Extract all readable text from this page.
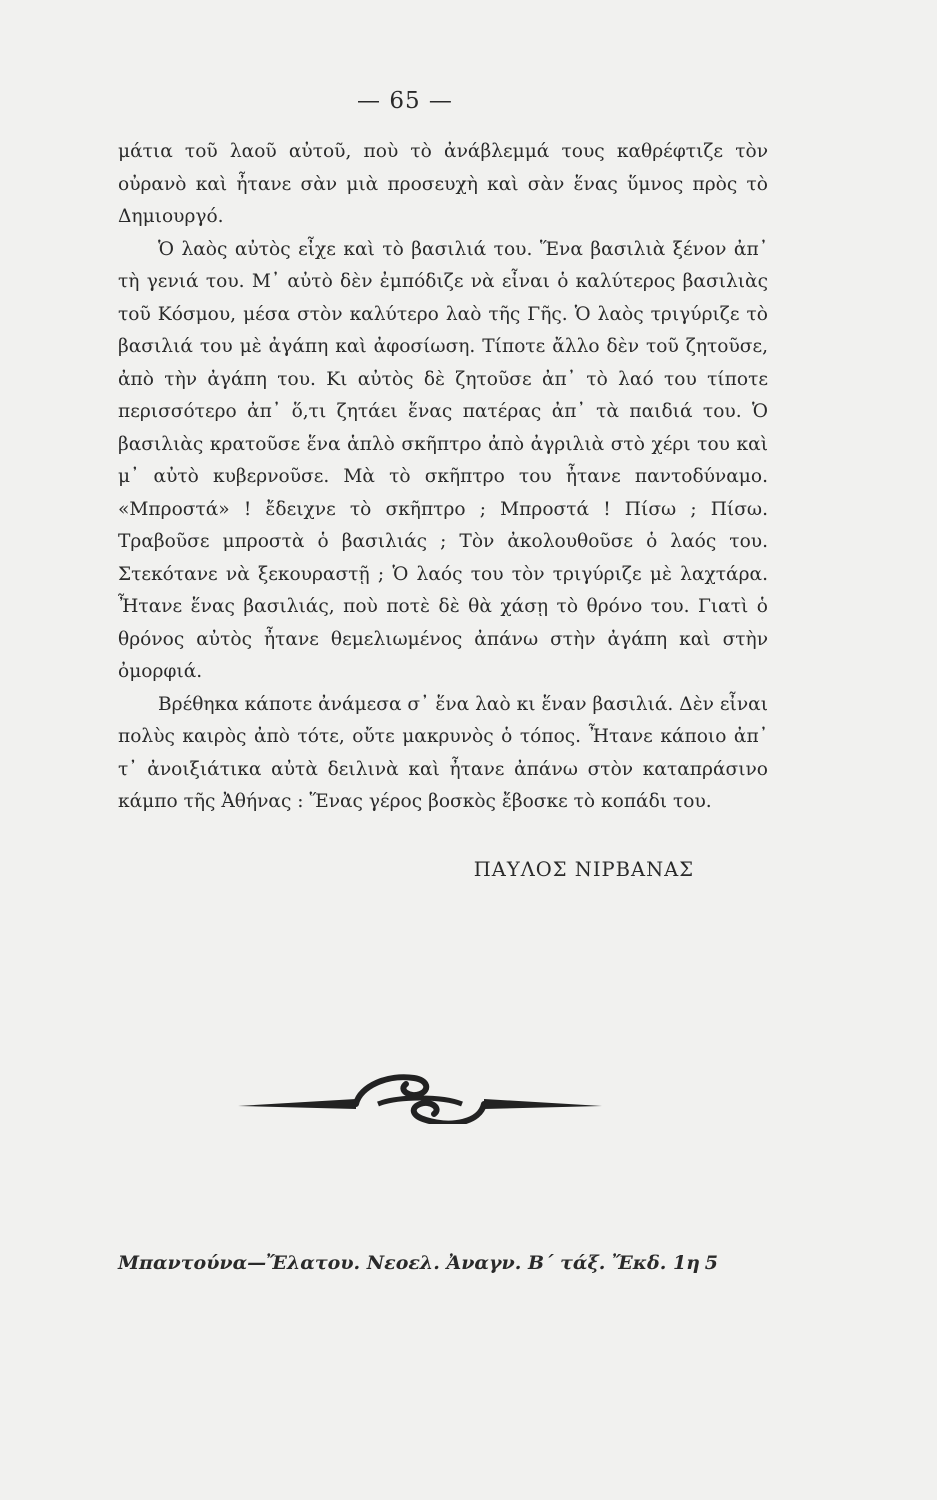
— 65 —

μάτια τοῦ λαοῦ αὐτοῦ, ποὺ τὸ ἀνάβλεμμά τους καθρέφτιζε τὸν οὐρανὸ καὶ ἦτανε σὰν μιὰ προσευχὴ καὶ σὰν ἕνας ὕμνος πρὸς τὸ Δημιουργό.

Ὁ λαὸς αὐτὸς εἶχε καὶ τὸ βασιλιά του. Ἕνα βασιλιὰ ξένον ἀπ᾿ τὴ γενιά του. Μ᾿ αὐτὸ δὲν ἐμπόδιζε νὰ εἶναι ὁ καλύτερος βασιλιὰς τοῦ Κόσμου, μέσα στὸν καλύτερο λαὸ τῆς Γῆς. Ὁ λαὸς τριγύριζε τὸ βασιλιά του μὲ ἀγάπη καὶ ἀφοσίωση. Τίποτε ἄλλο δὲν τοῦ ζητοῦσε, ἀπὸ τὴν ἀγάπη του. Κι αὐτὸς δὲ ζητοῦσε ἀπ᾿ τὸ λαό του τίποτε περισσότερο ἀπ᾿ ὅ,τι ζητάει ἕνας πατέρας ἀπ᾿ τὰ παιδιά του. Ὁ βασιλιὰς κρατοῦσε ἕνα ἁπλὸ σκῆπτρο ἀπὸ ἀγριλιὰ στὸ χέρι του καὶ μ᾿ αὐτὸ κυβερνοῦσε. Μὰ τὸ σκῆπτρο του ἦτανε παντοδύναμο. «Μπροστά» ! ἔδειχνε τὸ σκῆπτρο ; Μπροστά ! Πίσω ; Πίσω. Τραβοῦσε μπροστὰ ὁ βασιλιάς ; Τὸν ἀκολουθοῦσε ὁ λαός του. Στεκότανε νὰ ξεκουραστῇ ; Ὁ λαός του τὸν τριγύριζε μὲ λαχτάρα. Ἦτανε ἕνας βασιλιάς, ποὺ ποτὲ δὲ θὰ χάσῃ τὸ θρόνο του. Γιατὶ ὁ θρόνος αὐτὸς ἦτανε θεμελιωμένος ἀπάνω στὴν ἀγάπη καὶ στὴν ὀμορφιά.

Βρέθηκα κάποτε ἀνάμεσα σ᾿ ἕνα λαὸ κι ἕναν βασιλιά. Δὲν εἶναι πολὺς καιρὸς ἀπὸ τότε, οὔτε μακρυνὸς ὁ τόπος. Ἦτανε κάποιο ἀπ᾿ τ᾿ ἀνοιξιάτικα αὐτὰ δειλινὰ καὶ ἦτανε ἀπάνω στὸν καταπράσινο κάμπο τῆς Ἀθήνας : Ἕνας γέρος βοσκὸς ἔβοσκε τὸ κοπάδι του.

ΠΑΥΛΟΣ ΝΙΡΒΑΝΑΣ
Μπαντούνα—Ἔλατου. Νεοελ. Ἀναγν. Β΄ τάξ. Ἔκδ. 1η 5
